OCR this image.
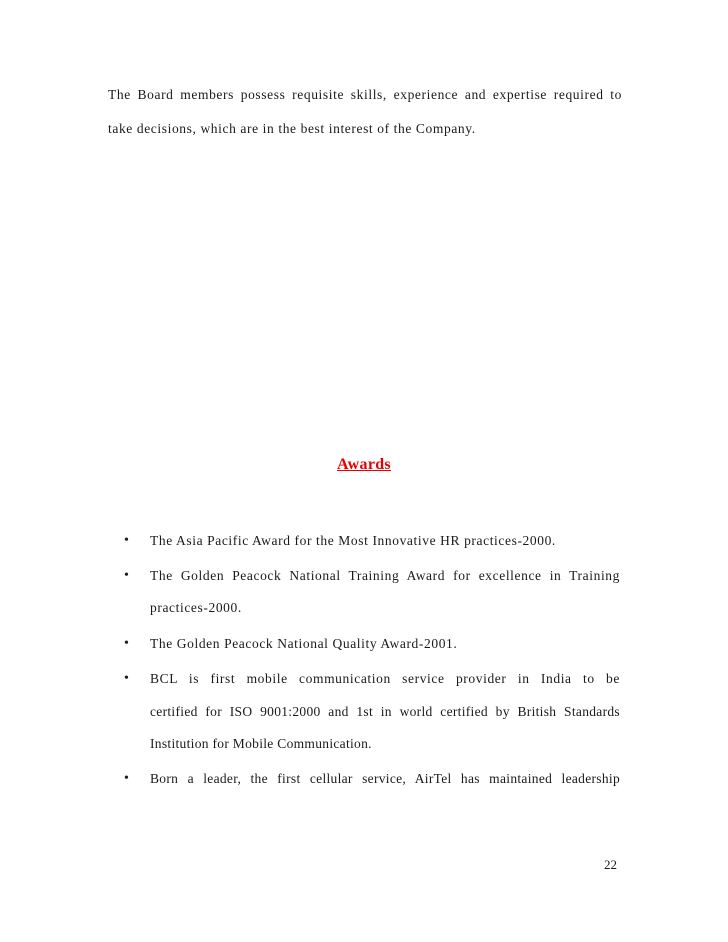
The Board members possess requisite skills, experience and expertise required to
take decisions, which are in the best interest of the Company.
Awards
• The Asia Pacific Award for the Most Innovative HR practices-2000.
• The Golden Peacock National Training Award for excellence in Training
practices-2000.
• The Golden Peacock National Quality Award-2001.
• BCL is first mobile communication service provider in India to be
certified for ISO 9001:2000 and 1st in world certified by British Standards
Institution for Mobile Communication.
• Born a leader, the first cellular service, AirTel has maintained leadership
22
